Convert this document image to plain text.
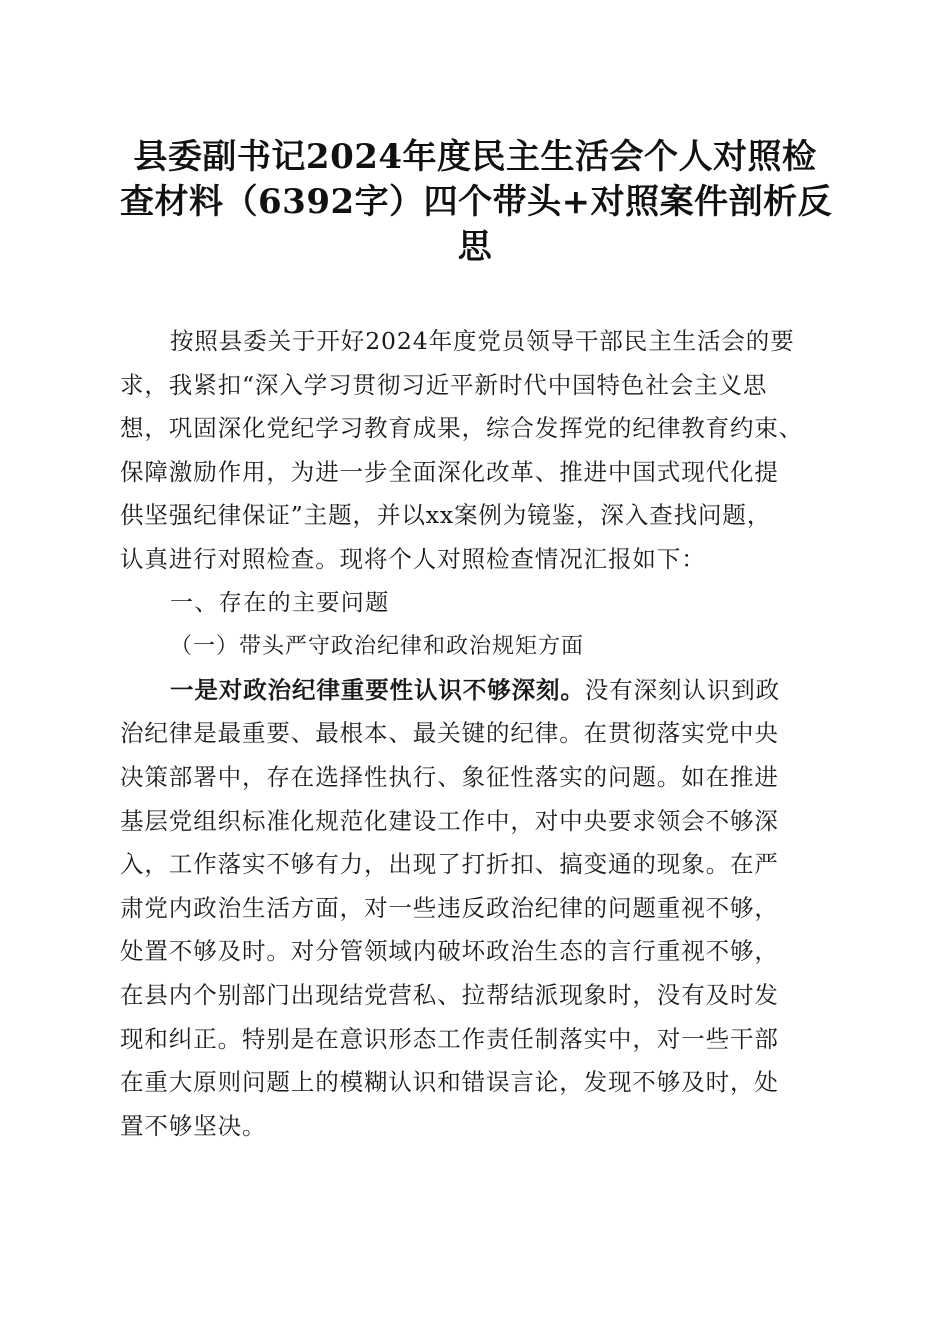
县委副书记2024年度民主生活会个人对照检
查材料（6392字）四个带头+对照案件剖析反
思
按照县委关于开好2024年度党员领导干部民主生活会的要
求，我紧扣“深入学习贯彻习近平新时代中国特色社会主义思
想，巩固深化党纪学习教育成果，综合发挥党的纪律教育约束、
保障激励作用，为进一步全面深化改革、推进中国式现代化提
供坚强纪律保证”主题，并以xx案例为镜鉴，深入查找问题，
认真进行对照检查。现将个人对照检查情况汇报如下：
一、存在的主要问题
（一）带头严守政治纪律和政治规矩方面
一是对政治纪律重要性认识不够深刻。没有深刻认识到政
治纪律是最重要、最根本、最关键的纪律。在贯彻落实党中央
决策部署中，存在选择性执行、象征性落实的问题。如在推进
基层党组织标准化规范化建设工作中，对中央要求领会不够深
入，工作落实不够有力，出现了打折扣、搞变通的现象。在严
肃党内政治生活方面，对一些违反政治纪律的问题重视不够，
处置不够及时。对分管领域内破坏政治生态的言行重视不够，
在县内个别部门出现结党营私、拉帮结派现象时，没有及时发
现和纠正。特别是在意识形态工作责任制落实中，对一些干部
在重大原则问题上的模糊认识和错误言论，发现不够及时，处
置不够坚决。
